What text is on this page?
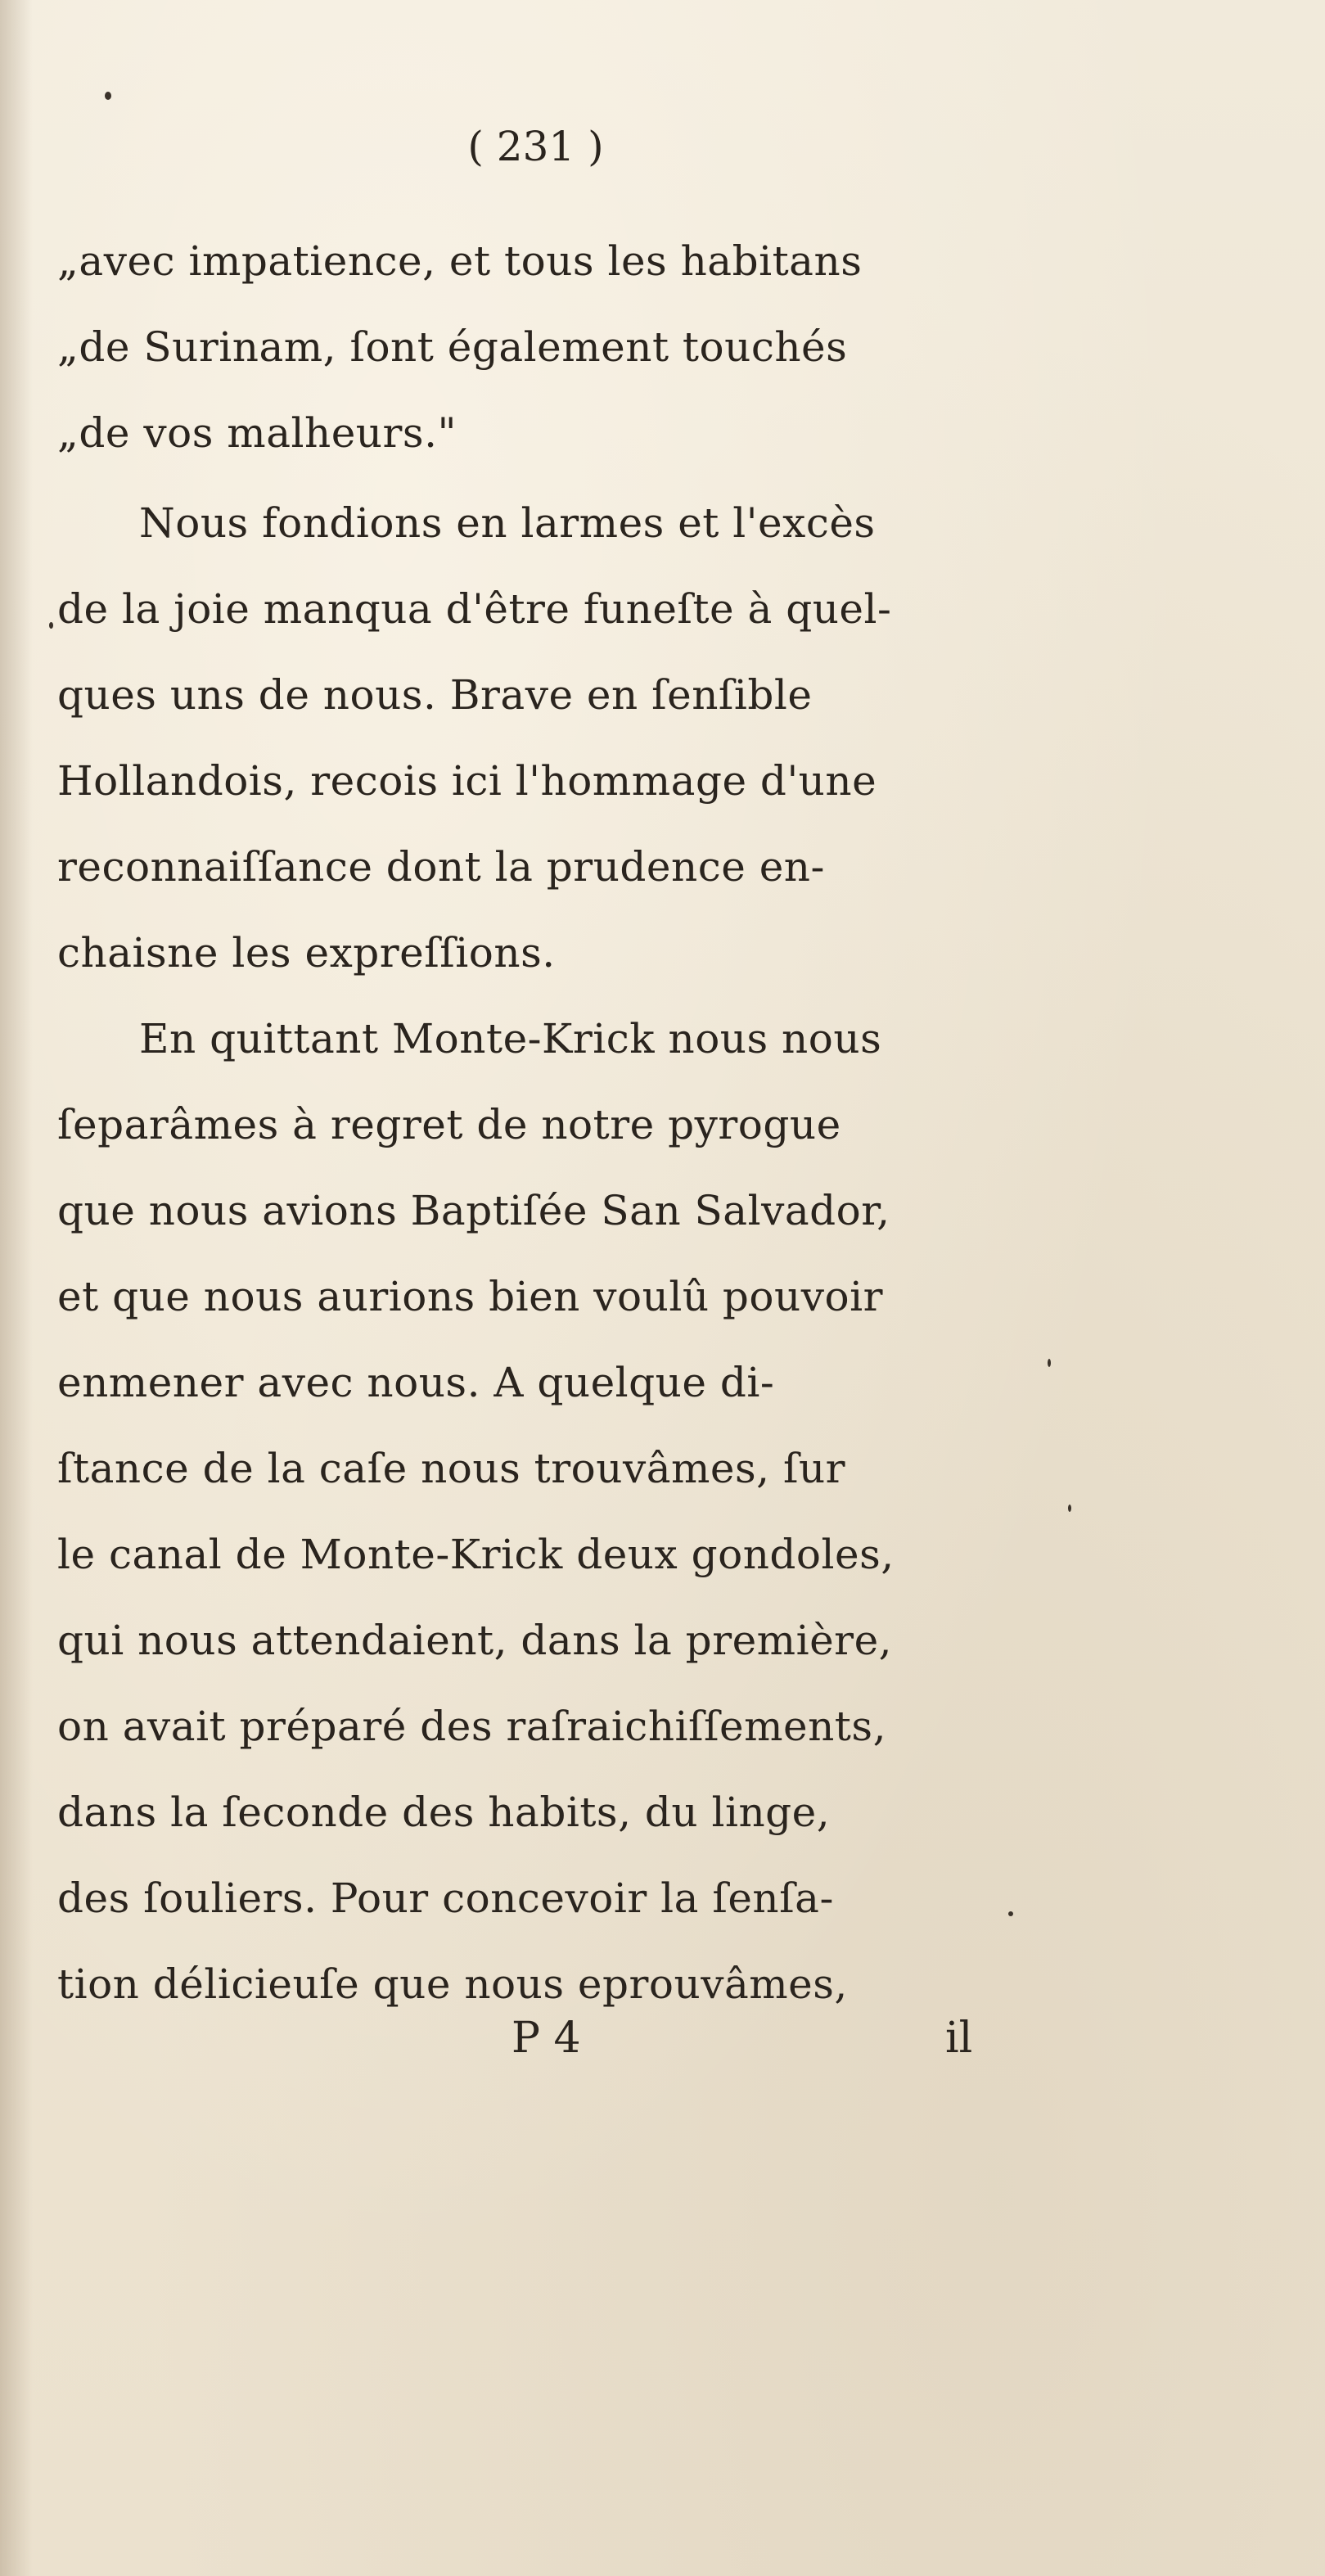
( 231 )
„avec impatience, et tous les habitans
„de Surinam, ſont également touchés
„de vos malheurs."
Nous fondions en larmes et l'excès
de la joie manqua d'être funeſte à quel-
ques uns de nous. Brave en ſenſible
Hollandois, recois ici l'hommage d'une
reconnaiſſance dont la prudence en-
chaisne les expreſſions.
En quittant Monte-Krick nous nous
ſeparâmes à regret de notre pyrogue
que nous avions Baptiſée San Salvador,
et que nous aurions bien voulû pouvoir
enmener avec nous. A quelque di-
ſtance de la caſe nous trouvâmes, ſur
le canal de Monte-Krick deux gondoles,
qui nous attendaient, dans la première,
on avait préparé des raſraichiſſements,
dans la ſeconde des habits, du linge,
des ſouliers. Pour concevoir la ſenſa-
tion délicieuſe que nous eprouvâmes,
P 4	il
